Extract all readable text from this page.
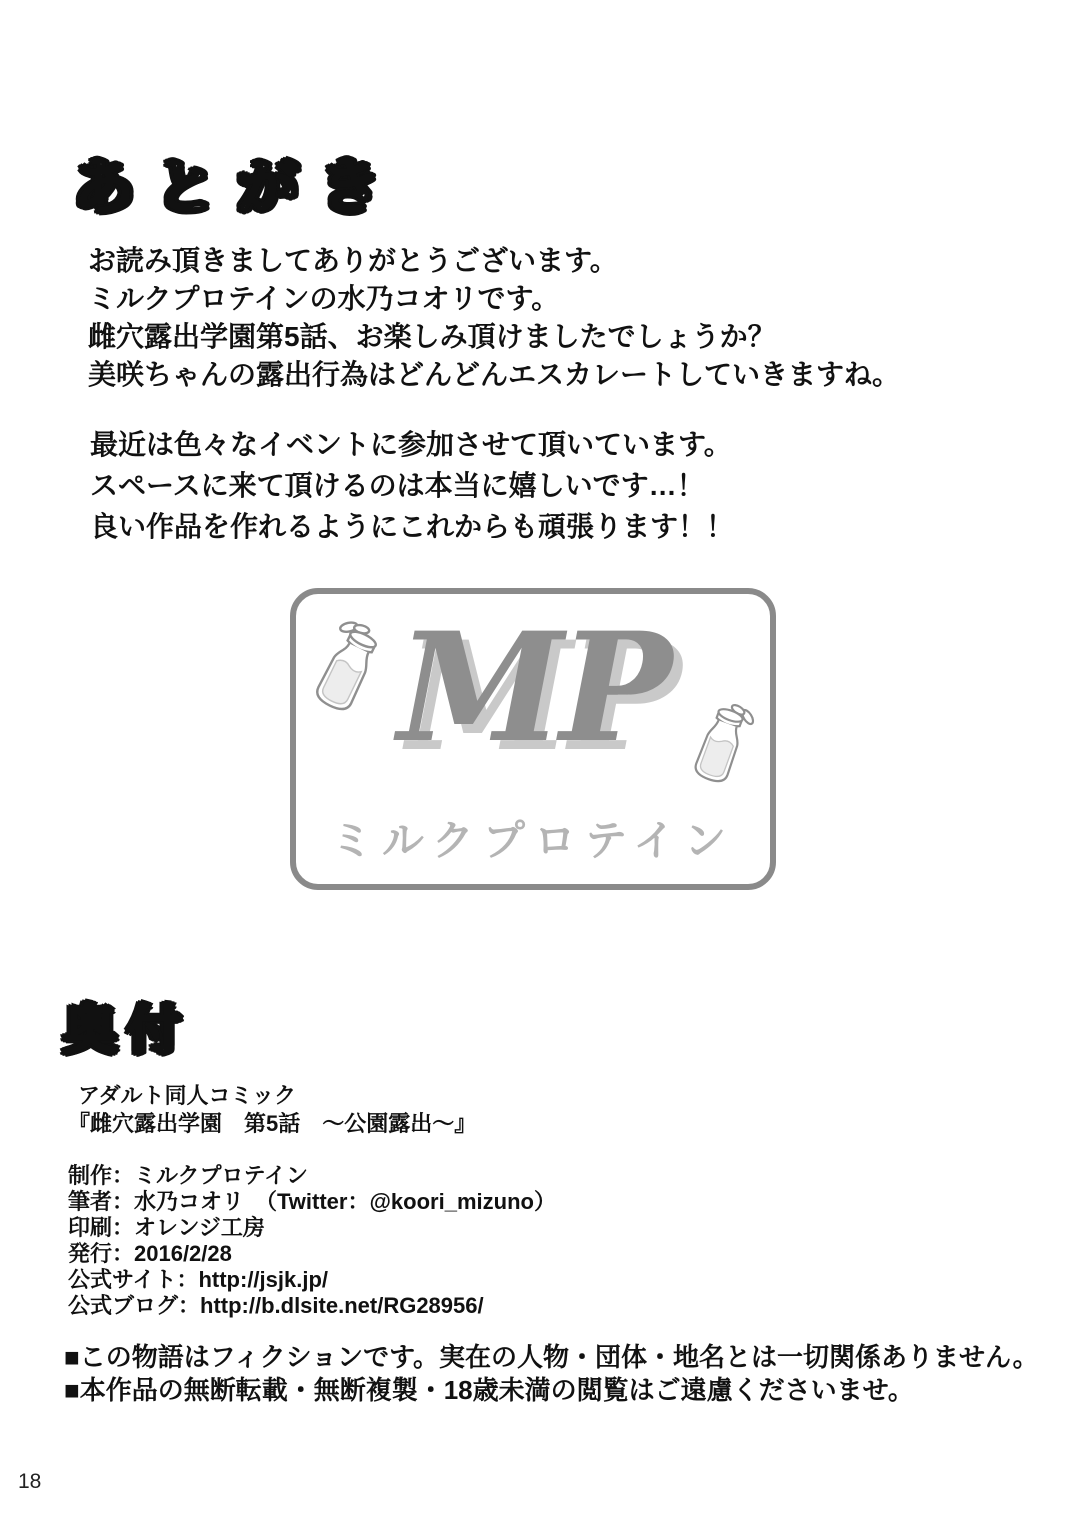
あとがき
お読み頂きましてありがとうございます。
ミルクプロテインの水乃コオリです。
雌穴露出学園第5話、お楽しみ頂けましたでしょうか？
美咲ちゃんの露出行為はどんどんエスカレートしていきますね。
最近は色々なイベントに参加させて頂いています。
スペースに来て頂けるのは本当に嬉しいです…！
良い作品を作れるようにこれからも頑張ります！！
MP
ミルクプロテイン
奥付
アダルト同人コミック
『雌穴露出学園　第5話　～公園露出～』
制作：ミルクプロテイン
筆者：水乃コオリ　（Twitter：@koori_mizuno）
印刷：オレンジ工房
発行：2016/2/28
公式サイト：http://jsjk.jp/
公式ブログ：http://b.dlsite.net/RG28956/
■この物語はフィクションです。実在の人物・団体・地名とは一切関係ありません。
■本作品の無断転載・無断複製・18歳未満の閲覧はご遠慮くださいませ。
18
